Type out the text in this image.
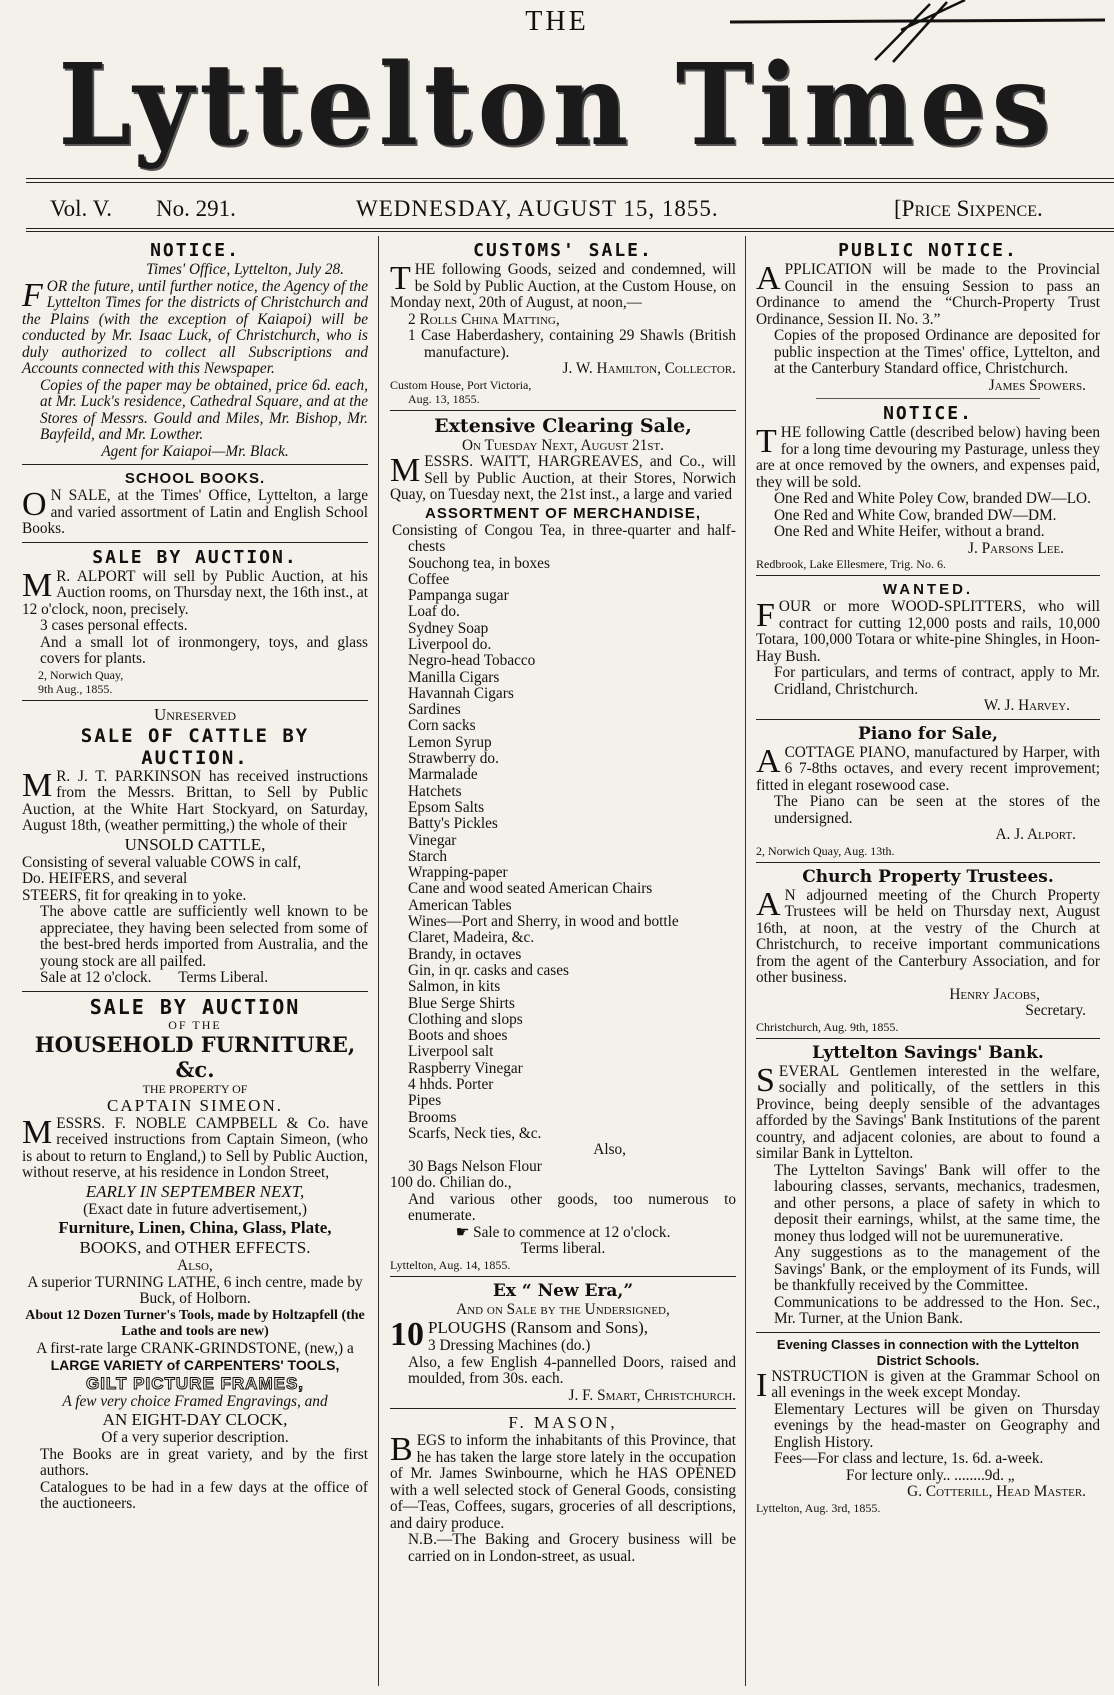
THE
Lyttelton Times
Vol. V. No. 291.	WEDNESDAY, AUGUST 15, 1855.	[Price Sixpence.

NOTICE.

Times' Office, Lyttelton, July 28.

FOR the future, until further notice, the Agency of the Lyttelton Times for the districts of Christchurch and the Plains (with the exception of Kaiapoi) will be conducted by Mr. Isaac Luck, of Christchurch, who is duly authorized to collect all Subscriptions and Accounts connected with this Newspaper.

Copies of the paper may be obtained, price 6d. each, at Mr. Luck's residence, Cathedral Square, and at the Stores of Messrs. Gould and Miles, Mr. Bishop, Mr. Bayfeild, and Mr. Lowther.

Agent for Kaiapoi—Mr. Black.

SCHOOL BOOKS.

O N SALE, at the Times' Office, Lyttelton, a large and varied assortment of Latin and English School Books.

SALE BY AUCTION.

M R. ALPORT will sell by Public Auction, at his Auction rooms, on Thursday next, the 16th inst., at 12 o'clock, noon, precisely.

3 cases personal effects.

And a small lot of ironmongery, toys, and glass covers for plants.

2, Norwich Quay,

9th Aug., 1855.

Unreserved

SALE OF CATTLE BY AUCTION.

M R. J. T. PARKINSON has received instructions from the Messrs. Brittan, to Sell by Public Auction, at the White Hart Stockyard, on Saturday, August 18th, (weather permitting,) the whole of their

UNSOLD CATTLE,

Consisting of several valuable COWS in calf,

Do. HEIFERS, and several

STEERS, fit for qreaking in to yoke.

The above cattle are sufficiently well known to be appreciatee, they having been selected from some of the best-bred herds imported from Australia, and the young stock are all pailfed.

Sale at 12 o'clock. Terms Liberal.

SALE BY AUCTION

OF THE

HOUSEHOLD FURNITURE, &c.

THE PROPERTY OF

CAPTAIN SIMEON.

MESSRS. F. NOBLE CAMPBELL & Co. have received instructions from Captain Simeon, (who is about to return to England,) to Sell by Public Auction, without reserve, at his residence in London Street,

EARLY IN SEPTEMBER NEXT,

(Exact date in future advertisement,)

Furniture, Linen, China, Glass, Plate,

BOOKS, and OTHER EFFECTS.

Also,

A superior TURNING LATHE, 6 inch centre, made by Buck, of Holborn.

About 12 Dozen Turner's Tools, made by Holtzapfell (the Lathe and tools are new)

A first-rate large CRANK-GRINDSTONE, (new,) a

LARGE VARIETY of CARPENTERS' TOOLS,

GILT PICTURE FRAMES,

A few very choice Framed Engravings, and

AN EIGHT-DAY CLOCK,

Of a very superior description.

The Books are in great variety, and by the first authors.

Catalogues to be had in a few days at the office of the auctioneers.

CUSTOMS' SALE.

THE following Goods, seized and condemned, will be Sold by Public Auction, at the Custom House, on Monday next, 20th of August, at noon,—

2 Rolls China Matting,

1 Case Haberdashery, containing 29 Shawls (British manufacture).

J. W. Hamilton, Collector.

Custom House, Port Victoria,

Aug. 13, 1855.

Extensive Clearing Sale,

On Tuesday Next, August 21st.

MESSRS. WAITT, HARGREAVES, and Co., will Sell by Public Auction, at their Stores, Norwich Quay, on Tuesday next, the 21st inst., a large and varied

ASSORTMENT OF MERCHANDISE,

Consisting of Congou Tea, in three-quarter and half-chests

Souchong tea, in boxes

Coffee

Pampanga sugar

Loaf do.

Sydney Soap

Liverpool do.

Negro-head Tobacco

Manilla Cigars

Havannah Cigars

Sardines

Corn sacks

Lemon Syrup

Strawberry do.

Marmalade

Hatchets

Epsom Salts

Batty's Pickles

Vinegar

Starch

Wrapping-paper

Cane and wood seated American Chairs

American Tables

Wines—Port and Sherry, in wood and bottle

Claret, Madeira, &c.

Brandy, in octaves

Gin, in qr. casks and cases

Salmon, in kits

Blue Serge Shirts

Clothing and slops

Boots and shoes

Liverpool salt

Raspberry Vinegar

4 hhds. Porter

Pipes

Brooms

Scarfs, Neck ties, &c.

Also,

30 Bags Nelson Flour

100 do. Chilian do.,

And various other goods, too numerous to enumerate.

☛ Sale to commence at 12 o'clock.

Terms liberal.

Lyttelton, Aug. 14, 1855.

Ex “ New Era,”

And on Sale by the Undersigned,

10 PLOUGHS (Ransom and Sons),
3 Dressing Machines (do.)

Also, a few English 4-pannelled Doors, raised and moulded, from 30s. each.

J. F. Smart, Christchurch.

F. MASON,

BEGS to inform the inhabitants of this Province, that he has taken the large store lately in the occupation of Mr. James Swinbourne, which he HAS OPENED with a well selected stock of General Goods, consisting of—Teas, Coffees, sugars, groceries of all descriptions, and dairy produce.

N.B.—The Baking and Grocery business will be carried on in London-street, as usual.

PUBLIC NOTICE.

APPLICATION will be made to the Provincial Council in the ensuing Session to pass an Ordinance to amend the “Church-Property Trust Ordinance, Session II. No. 3.”

Copies of the proposed Ordinance are deposited for public inspection at the Times' office, Lyttelton, and at the Canterbury Standard office, Christchurch.

James Spowers.

NOTICE.

THE following Cattle (described below) having been for a long time devouring my Pasturage, unless they are at once removed by the owners, and expenses paid, they will be sold.

One Red and White Poley Cow, branded DW—LO.

One Red and White Cow, branded DW—DM.

One Red and White Heifer, without a brand.

J. Parsons Lee.

Redbrook, Lake Ellesmere, Trig. No. 6.

WANTED.

FOUR or more WOOD-SPLITTERS, who will contract for cutting 12,000 posts and rails, 10,000 Totara, 100,000 Totara or white-pine Shingles, in Hoon-Hay Bush.

For particulars, and terms of contract, apply to Mr. Cridland, Christchurch.

W. J. Harvey.

Piano for Sale,

ACOTTAGE PIANO, manufactured by Harper, with 6 7-8ths octaves, and every recent improvement; fitted in elegant rosewood case.

The Piano can be seen at the stores of the undersigned.

A. J. Alport.

2, Norwich Quay, Aug. 13th.

Church Property Trustees.

A N adjourned meeting of the Church Property Trustees will be held on Thursday next, August 16th, at noon, at the vestry of the Church at Christchurch, to receive important communications from the agent of the Canterbury Association, and for other business.

Henry Jacobs,

Secretary.

Christchurch, Aug. 9th, 1855.

Lyttelton Savings' Bank.

SEVERAL Gentlemen interested in the welfare, socially and politically, of the settlers in this Province, being deeply sensible of the advantages afforded by the Savings' Bank Institutions of the parent country, and adjacent colonies, are about to found a similar Bank in Lyttelton.

The Lyttelton Savings' Bank will offer to the labouring classes, servants, mechanics, tradesmen, and other persons, a place of safety in which to deposit their earnings, whilst, at the same time, the money thus lodged will not be uuremunerative.

Any suggestions as to the management of the Savings' Bank, or the employment of its Funds, will be thankfully received by the Committee.

Communications to be addressed to the Hon. Sec., Mr. Turner, at the Union Bank.

Evening Classes in connection with the Lyttelton District Schools.

INSTRUCTION is given at the Grammar School on all evenings in the week except Monday.

Elementary Lectures will be given on Thursday evenings by the head-master on Geography and English History.

Fees—For class and lecture, 1s. 6d. a-week.

For lecture only.. ........9d. „

G. Cotterill, Head Master.

Lyttelton, Aug. 3rd, 1855.
